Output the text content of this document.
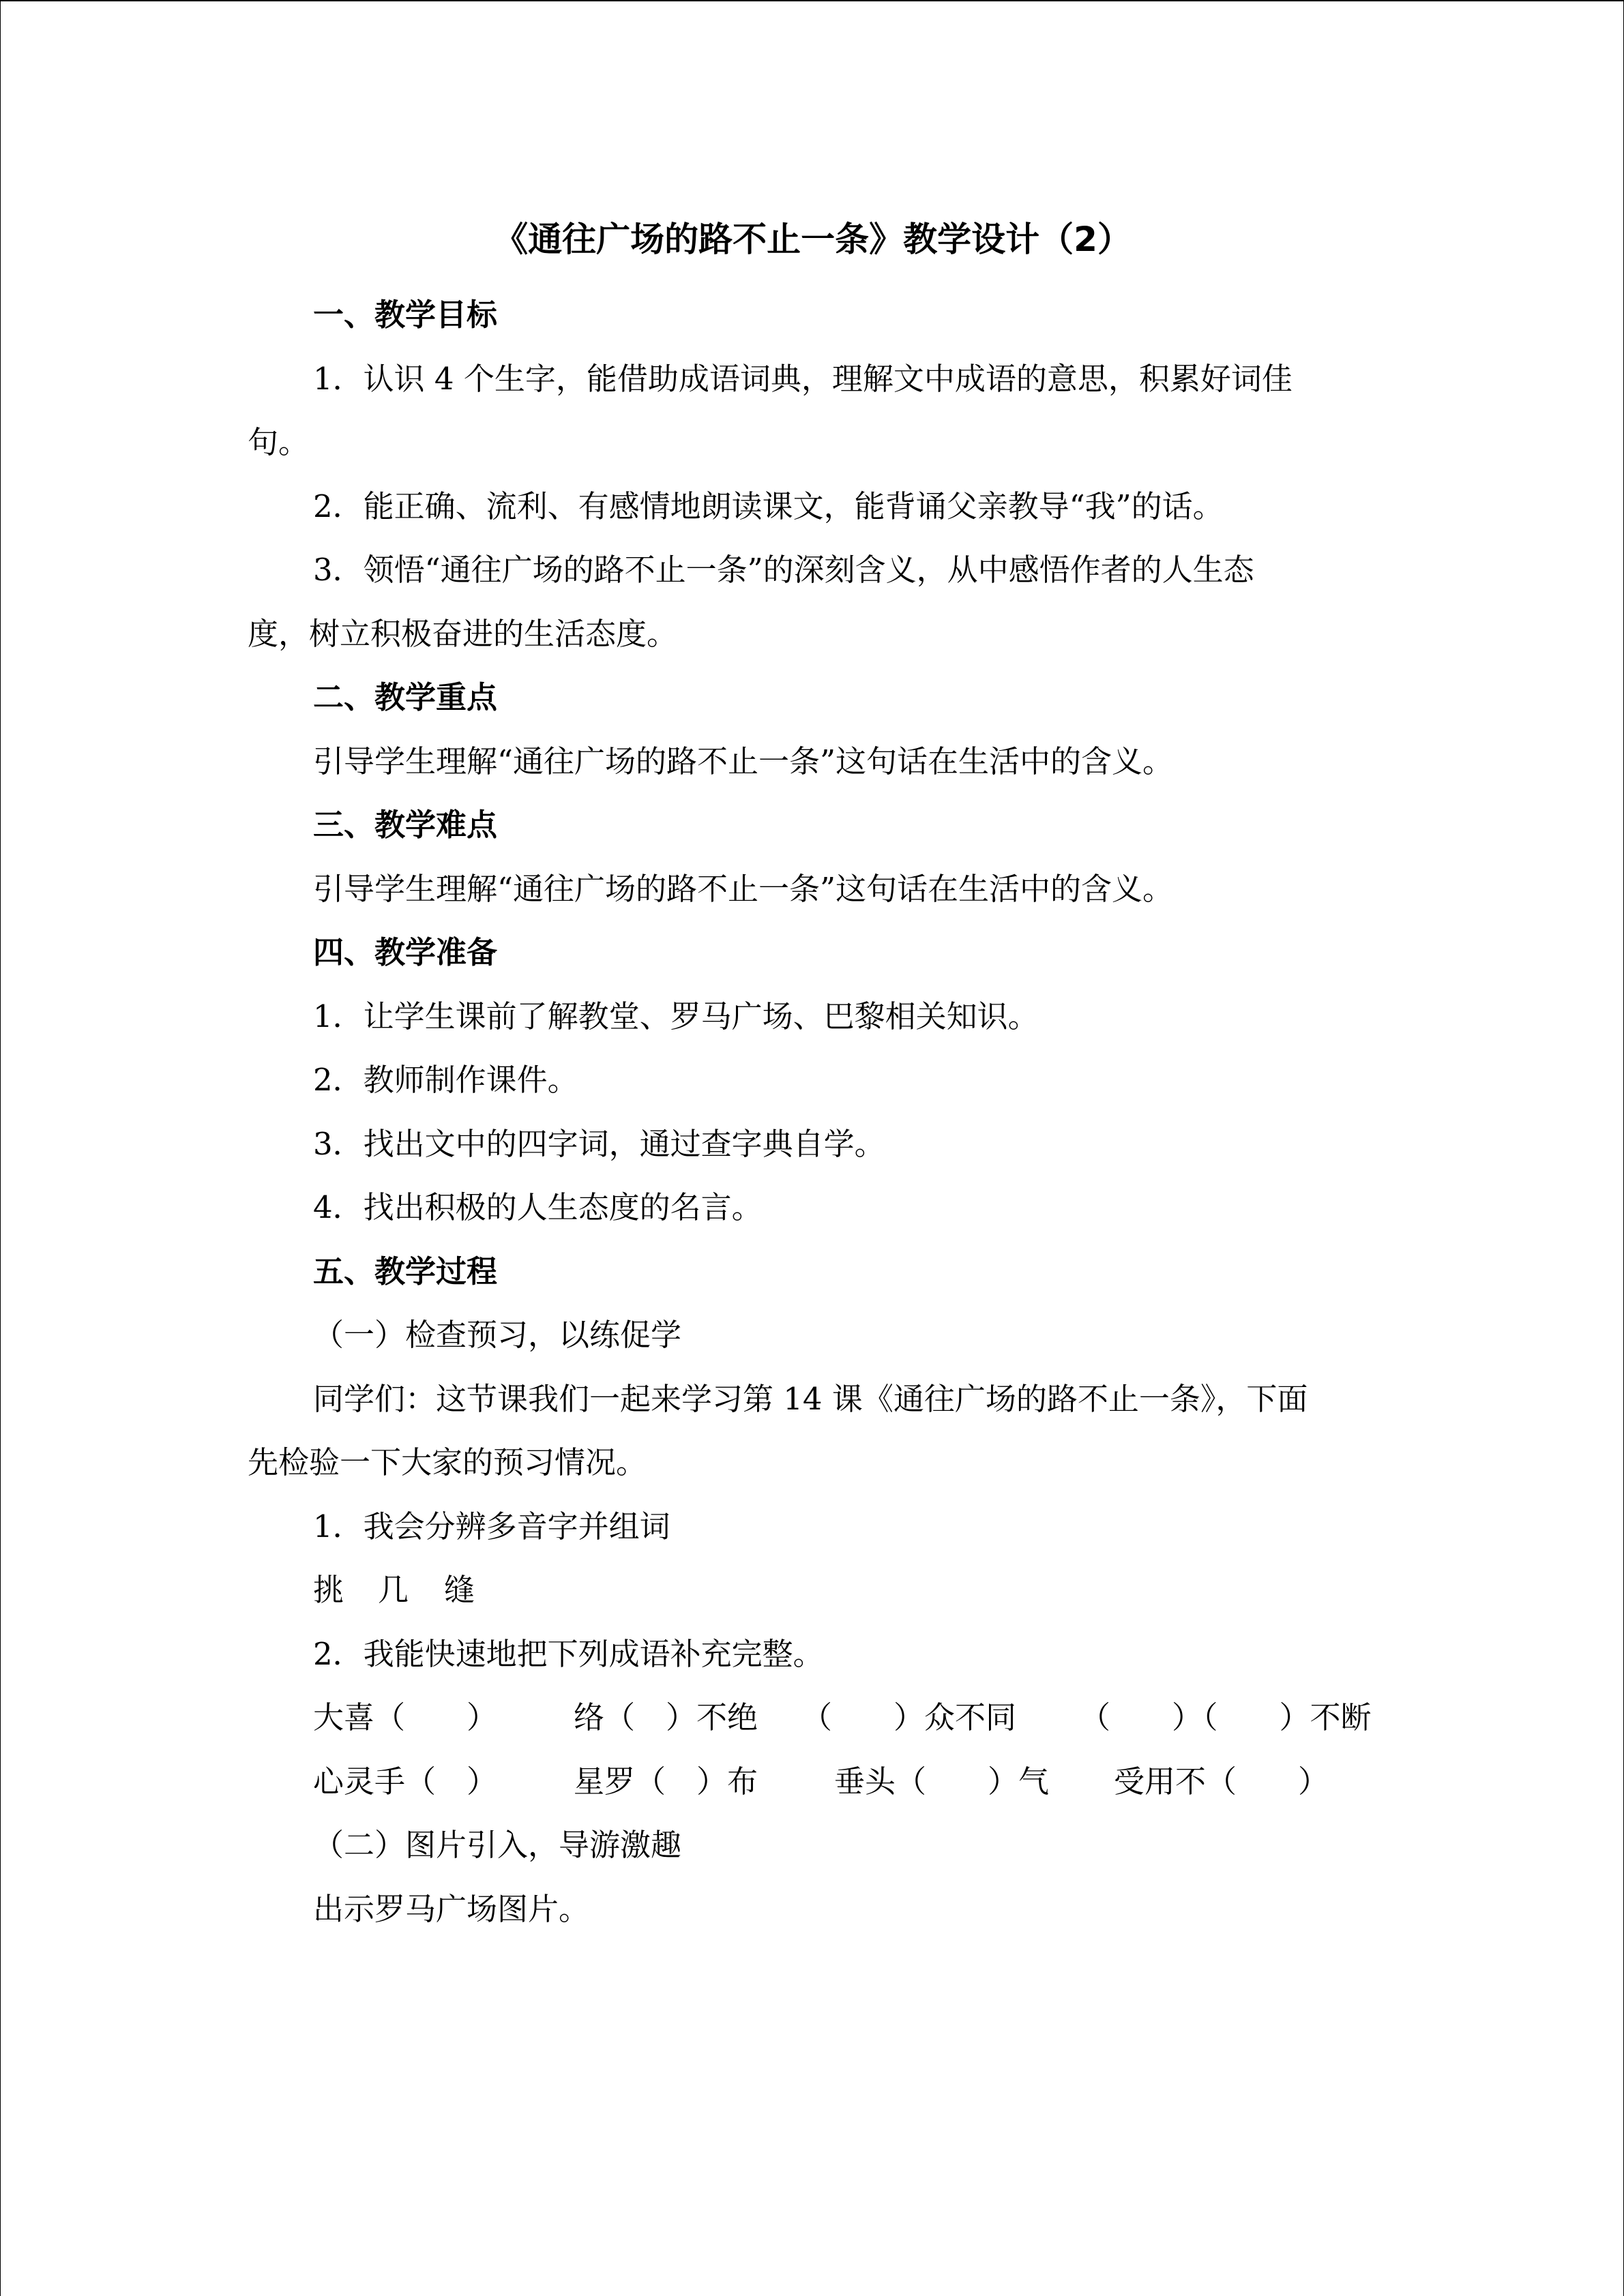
《通往广场的路不止一条》教学设计（2）

一、教学目标

1．认识 4 个生字，能借助成语词典，理解文中成语的意思，积累好词佳

句。

2．能正确、流利、有感情地朗读课文，能背诵父亲教导“我”的话。

3．领悟“通往广场的路不止一条”的深刻含义，从中感悟作者的人生态

度，树立积极奋进的生活态度。

二、教学重点

引导学生理解“通往广场的路不止一条”这句话在生活中的含义。

三、教学难点

引导学生理解“通往广场的路不止一条”这句话在生活中的含义。

四、教学准备

1．让学生课前了解教堂、罗马广场、巴黎相关知识。

2．教师制作课件。

3．找出文中的四字词，通过查字典自学。

4．找出积极的人生态度的名言。

五、教学过程

（一）检查预习，以练促学

同学们：这节课我们一起来学习第 14 课《通往广场的路不止一条》，下面

先检验一下大家的预习情况。

1．我会分辨多音字并组词

挑 几 缝

2．我能快速地把下列成语补充完整。

大喜（　　） 络（　）不绝 （　　）众不同 （　　）（　　）不断
心灵手（　） 星罗（　）布 垂头（　　）气 受用不（　　）

（二）图片引入，导游激趣

出示罗马广场图片。
